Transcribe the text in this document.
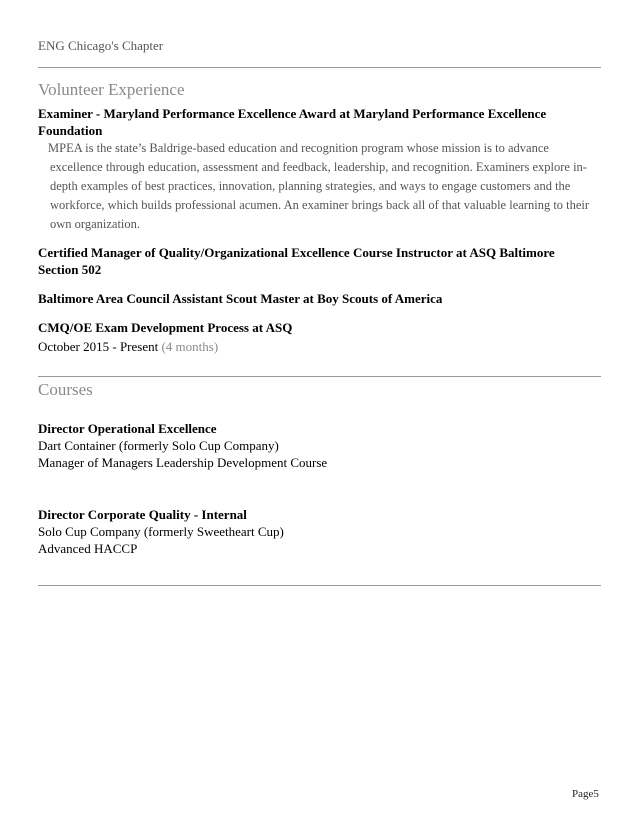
ENG Chicago's Chapter
Volunteer Experience
Examiner - Maryland Performance Excellence Award at Maryland Performance Excellence Foundation
MPEA is the state’s Baldrige-based education and recognition program whose mission is to advance excellence through education, assessment and feedback, leadership, and recognition. Examiners explore in-depth examples of best practices, innovation, planning strategies, and ways to engage customers and the workforce, which builds professional acumen. An examiner brings back all of that valuable learning to their own organization.
Certified Manager of Quality/Organizational Excellence Course Instructor at ASQ Baltimore Section 502
Baltimore Area Council Assistant Scout Master at Boy Scouts of America
CMQ/OE Exam Development Process at ASQ
October 2015 - Present (4 months)
Courses
Director Operational Excellence
Dart Container (formerly Solo Cup Company)
Manager of Managers Leadership Development Course
Director Corporate Quality - Internal
Solo Cup Company (formerly Sweetheart Cup)
Advanced HACCP
Page5
